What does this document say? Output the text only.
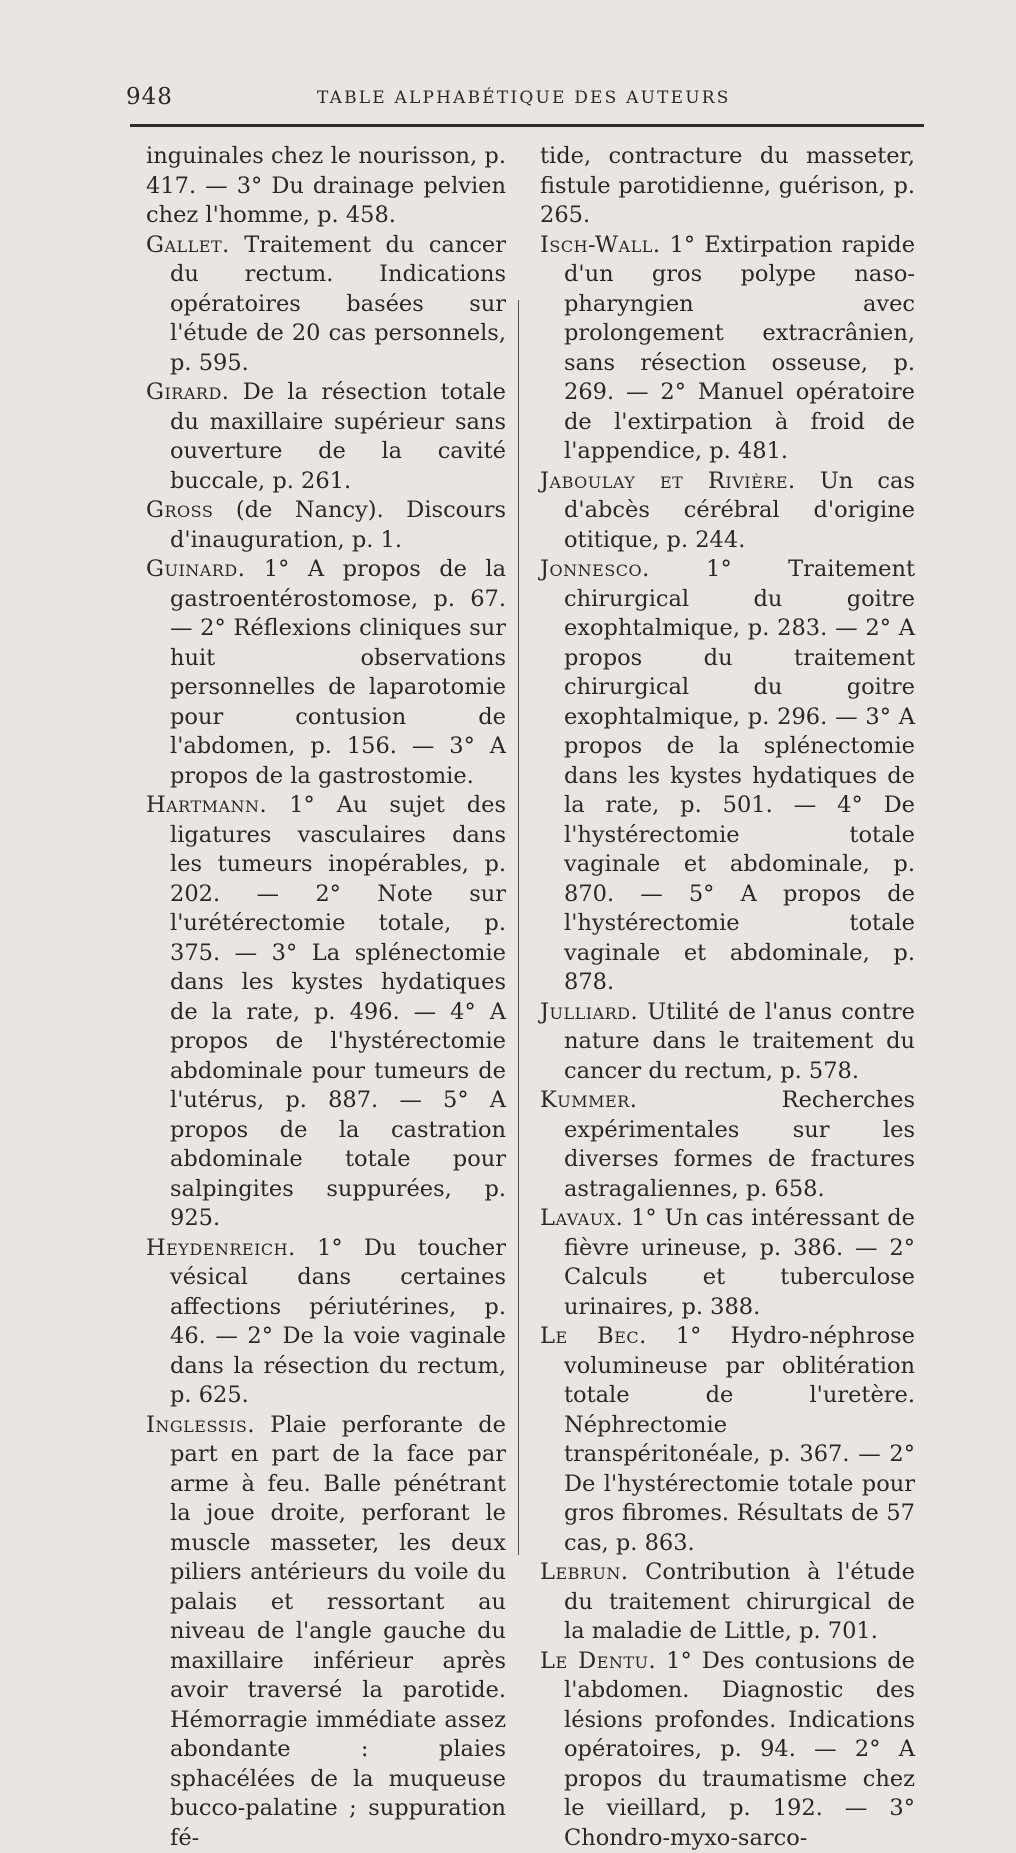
948	TABLE ALPHABÉTIQUE DES AUTEURS

inguinales chez le nourisson, p. 417. — 3° Du drainage pelvien chez l'homme, p. 458.

Gallet. Traitement du cancer du rectum. Indications opératoires basées sur l'étude de 20 cas personnels, p. 595.

Girard. De la résection totale du maxillaire supérieur sans ouverture de la cavité buccale, p. 261.

Gross (de Nancy). Discours d'inauguration, p. 1.

Guinard. 1° A propos de la gastroentérostomose, p. 67. — 2° Réflexions cliniques sur huit observations personnelles de laparotomie pour contusion de l'abdomen, p. 156. — 3° A propos de la gastrostomie.

Hartmann. 1° Au sujet des ligatures vasculaires dans les tumeurs inopérables, p. 202. — 2° Note sur l'urétérectomie totale, p. 375. — 3° La splénectomie dans les kystes hydatiques de la rate, p. 496. — 4° A propos de l'hystérectomie abdominale pour tumeurs de l'utérus, p. 887. — 5° A propos de la castration abdominale totale pour salpingites suppurées, p. 925.

Heydenreich. 1° Du toucher vésical dans certaines affections périutérines, p. 46. — 2° De la voie vaginale dans la résection du rectum, p. 625.

Inglessis. Plaie perforante de part en part de la face par arme à feu. Balle pénétrant la joue droite, perforant le muscle masseter, les deux piliers antérieurs du voile du palais et ressortant au niveau de l'angle gauche du maxillaire inférieur après avoir traversé la parotide. Hémorragie immédiate assez abondante : plaies sphacélées de la muqueuse bucco-palatine ; suppuration fé-

tide, contracture du masseter, fistule parotidienne, guérison, p. 265.

Isch-Wall. 1° Extirpation rapide d'un gros polype naso-pharyngien avec prolongement extracrânien, sans résection osseuse, p. 269. — 2° Manuel opératoire de l'extirpation à froid de l'appendice, p. 481.

Jaboulay et Rivière. Un cas d'abcès cérébral d'origine otitique, p. 244.

Jonnesco.	1° Traitement chirurgical du goitre exophtalmique, p. 283. — 2° A propos du traitement chirurgical du goitre exophtalmique, p. 296. — 3° A propos de la splénectomie dans les kystes hydatiques de la rate, p. 501. — 4° De l'hystérectomie totale vaginale et abdominale, p. 870. — 5° A propos de l'hystérectomie totale vaginale et abdominale, p. 878.

Julliard. Utilité de l'anus contre nature dans le traitement du cancer du rectum, p. 578.

Kummer.	Recherches expérimentales sur les diverses formes de fractures astragaliennes, p. 658.

Lavaux. 1° Un cas intéressant de fièvre urineuse, p. 386. — 2° Calculs et tuberculose urinaires, p. 388.

Le Bec. 1° Hydro-néphrose volumineuse par oblitération totale de l'uretère. Néphrectomie transpéritonéale, p. 367. — 2° De l'hystérectomie totale pour gros fibromes. Résultats de 57 cas, p. 863.

Lebrun. Contribution à l'étude du traitement chirurgical de la maladie de Little, p. 701.

Le Dentu. 1° Des contusions de l'abdomen. Diagnostic des lésions profondes. Indications opératoires, p. 94. — 2° A propos du traumatisme chez le vieillard, p. 192. — 3° Chondro-myxo-sarco-
